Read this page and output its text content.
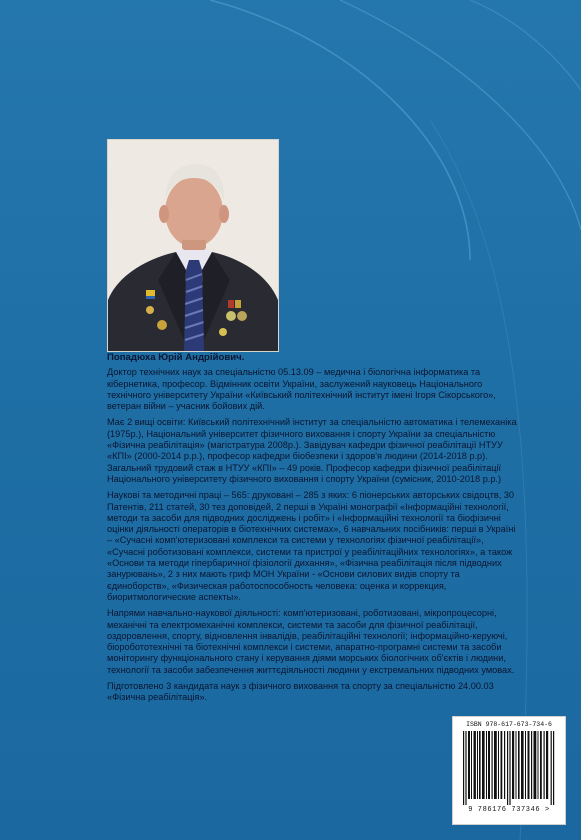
Попадюха Юрій Андрійович.

Доктор технічних наук за спеціальністю 05.13.09 – медична і біологічна інформатика та кібернетика, професор. Відмінник освіти України, заслужений науковець Національного технічного університету України «Київський політехнічний інститут імені Ігоря Сікорського», ветеран війни – учасник бойових дій.

Має 2 вищі освіти: Київський політехнічний інститут за спеціальністю автоматика і телемеханіка (1975р.), Національний університет фізичного виховання і спорту України за спеціальністю «Фізична реабілітація» (магістратура 2008р.). Завідувач кафедри фізичної реабілітації НТУУ «КПІ» (2000-2014 р.р.), професор кафедри біобезпеки і здоров'я людини (2014-2018 р.р). Загальний трудовий стаж в НТУУ «КПІ» – 49 років. Професор кафедри фізичної реабілітації Національного університету фізичного виховання і спорту України (сумісник, 2010-2018 р.р.)

Наукові та методичні праці – 565: друкованi – 285 з яких: 6 піонерських авторських свідоцтв, 30 Патентів, 211 статей, 30 тез доповідей, 2 перші в Україні монографії «Інформаційні технології, методи та засоби для підводних досліджень і робіт» і «Інформаційні технології та біофізичні оцінки діяльності операторів в біотехнічних системах», 6 навчальних посібників: перші в Україні – «Сучасні комп'ютеризовані комплекси та системи у технологіях фізичної реабілітації», «Сучасні роботизовані комплекси, системи та пристрої у реабілітаційних технологіях», а також «Основи та методи гіпербаричної фізіології дихання», «Фізична реабілітація після підводних занурювань», 2 з них мають гриф МОН України - «Основи силових видів спорту та єдиноборств», «Физическая работоспособность человека: оценка и коррекция, биоритмологические аспекты».

Напрями навчально-наукової діяльності: комп'ютеризовані, роботизовані, мікропроцесорні, механічні та електромеханічні комплекси, системи та засоби для фізичної реабілітації, оздоровлення, спорту, відновлення інвалідів, реабілітаційні технології; інформаційно-керуючі, біоробототехнічні та біотехнічні комплекси і системи, апаратно-програмні системи та засоби моніторингу функціонального стану і керування діями морських біологічних об'єктів і людини, технології та засоби забезпечення життєдіяльності людини у екстремальних підводних умовах.

Підготовлено 3 кандидата наук з фізичного виховання та спорту за спеціальністю 24.00.03 «Фізична реабілітація».

ISBN 978-617-673-734-6
9 786176 737346 >
